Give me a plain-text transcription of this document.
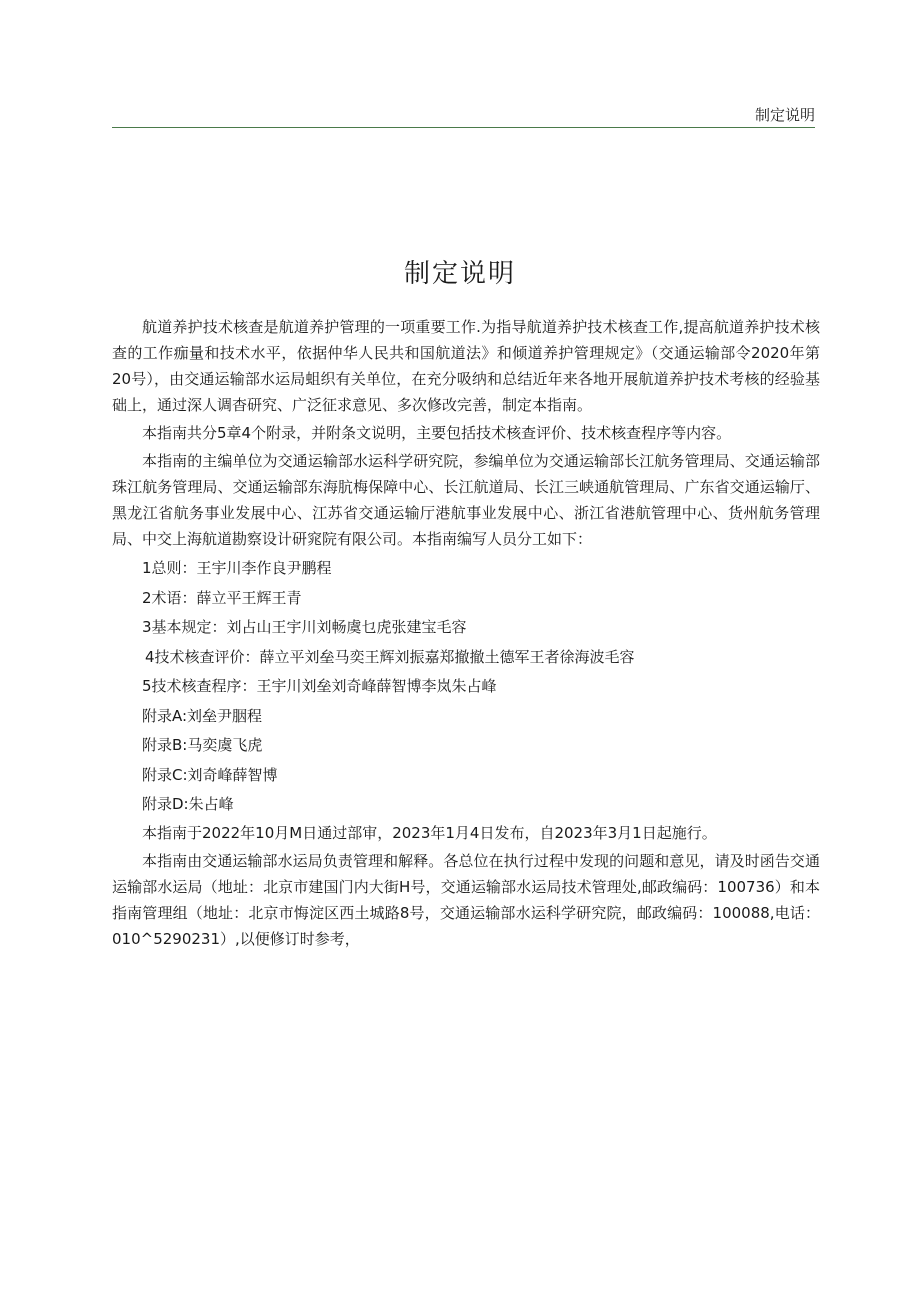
制定说明
制定说明

航道养护技术核查是航道养护管理的一项重要工作.为指导航道养护技术核查工作,提高航道养护技术核查的工作痂量和技术水平，依据仲华人民共和国航道法》和倾道养护管理规定》（交通运输部令2020年第20号），由交通运输部水运局蛆织有关单位，在充分吸纳和总结近年来各地开展航道养护技术考核的经验基础上，通过深人调杳研究、广泛征求意见、多次修改完善，制定本指南。

本指南共分5章4个附录，并附条文说明，主要包括技术核查评价、技术核查程序等内容。

本指南的主编单位为交通运输部水运科学研究院，参编单位为交通运输部长江航务管理局、交通运输部珠江航务管理局、交通运输部东海肮梅保障中心、长江航道局、长江三峡通航管理局、广东省交通运输厅、黑龙江省航务事业发展中心、江苏省交通运输厅港航事业发展中心、浙江省港航管理中心、货州航务管理局、中交上海航道勘察设计研窕院有限公司。本指南编写人员分工如下：

1总则：王宇川李作良尹鹏程

2术语：薛立平王辉王青

3基本规定：刘占山王宇川刘畅虞乜虎张建宝毛容

4技术核查评价：薛立平刘垒马奕王辉刘振嘉郑撤撤土德军王者徐海波毛容

5技术核查程序：王宇川刘垒刘奇峰薛智博李岚朱占峰

附录A:刘垒尹胭程

附录B:马奕虞飞虎

附录C:刘奇峰薛智博

附录D:朱占峰

本指南于2022年10月M日通过部审，2023年1月4日发布，自2023年3月1日起施行。

本指南由交通运输部水运局负责管理和解释。各总位在执行过程中发现的问题和意见，请及时函告交通运输部水运局（地址：北京市建国门内大街H号，交通运输部水运局技术管理处,邮政编码：100736）和本指南管理组（地址：北京市悔淀区西土城路8号，交通运输部水运科学研究院，邮政编码：100088,电话：010^5290231）,以便修订时参考，
